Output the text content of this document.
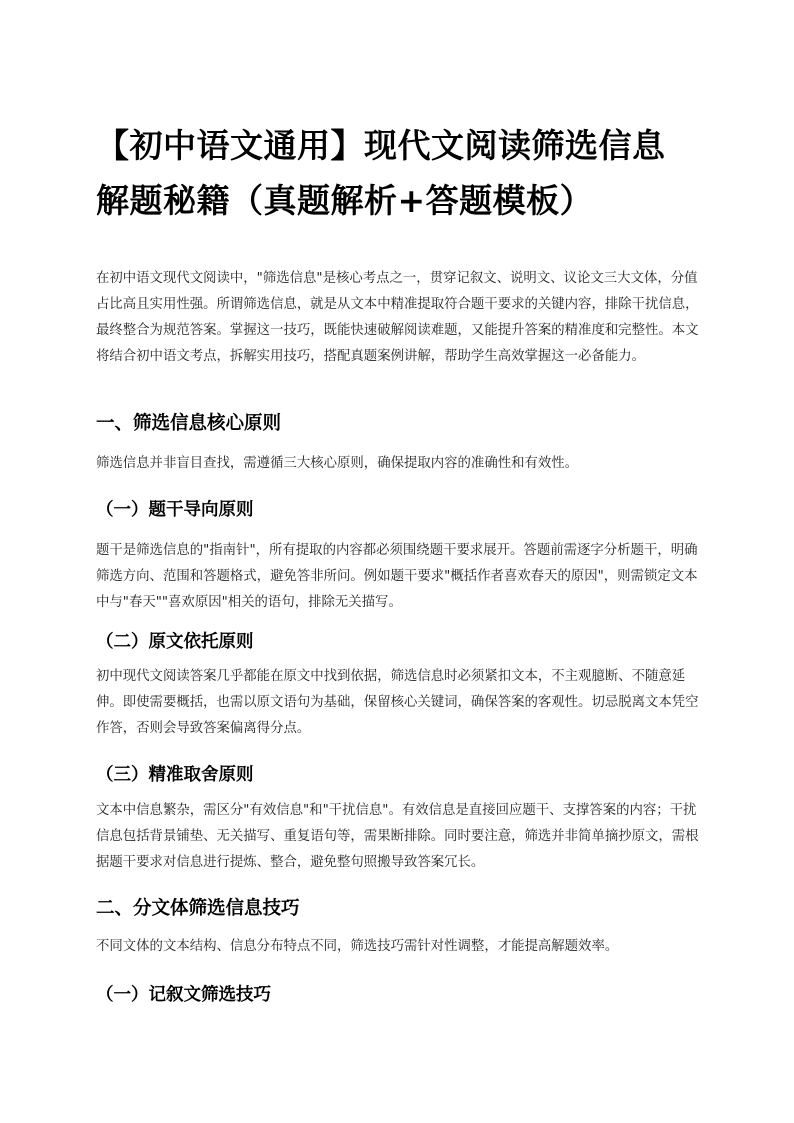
【初中语文通用】现代文阅读筛选信息
解题秘籍（真题解析+答题模板）

在初中语文现代文阅读中，"筛选信息"是核心考点之一，贯穿记叙文、说明文、议论文三大文体，分值占比高且实用性强。所谓筛选信息，就是从文本中精准提取符合题干要求的关键内容，排除干扰信息，最终整合为规范答案。掌握这一技巧，既能快速破解阅读难题，又能提升答案的精准度和完整性。本文将结合初中语文考点，拆解实用技巧，搭配真题案例讲解，帮助学生高效掌握这一必备能力。

一、筛选信息核心原则

筛选信息并非盲目查找，需遵循三大核心原则，确保提取内容的准确性和有效性。

（一）题干导向原则

题干是筛选信息的"指南针"，所有提取的内容都必须围绕题干要求展开。答题前需逐字分析题干，明确筛选方向、范围和答题格式，避免答非所问。例如题干要求"概括作者喜欢春天的原因"，则需锁定文本中与"春天""喜欢原因"相关的语句，排除无关描写。

（二）原文依托原则

初中现代文阅读答案几乎都能在原文中找到依据，筛选信息时必须紧扣文本，不主观臆断、不随意延伸。即使需要概括，也需以原文语句为基础，保留核心关键词，确保答案的客观性。切忌脱离文本凭空作答，否则会导致答案偏离得分点。

（三）精准取舍原则

文本中信息繁杂，需区分"有效信息"和"干扰信息"。有效信息是直接回应题干、支撑答案的内容；干扰信息包括背景铺垫、无关描写、重复语句等，需果断排除。同时要注意，筛选并非简单摘抄原文，需根据题干要求对信息进行提炼、整合，避免整句照搬导致答案冗长。

二、分文体筛选信息技巧

不同文体的文本结构、信息分布特点不同，筛选技巧需针对性调整，才能提高解题效率。

（一）记叙文筛选技巧
